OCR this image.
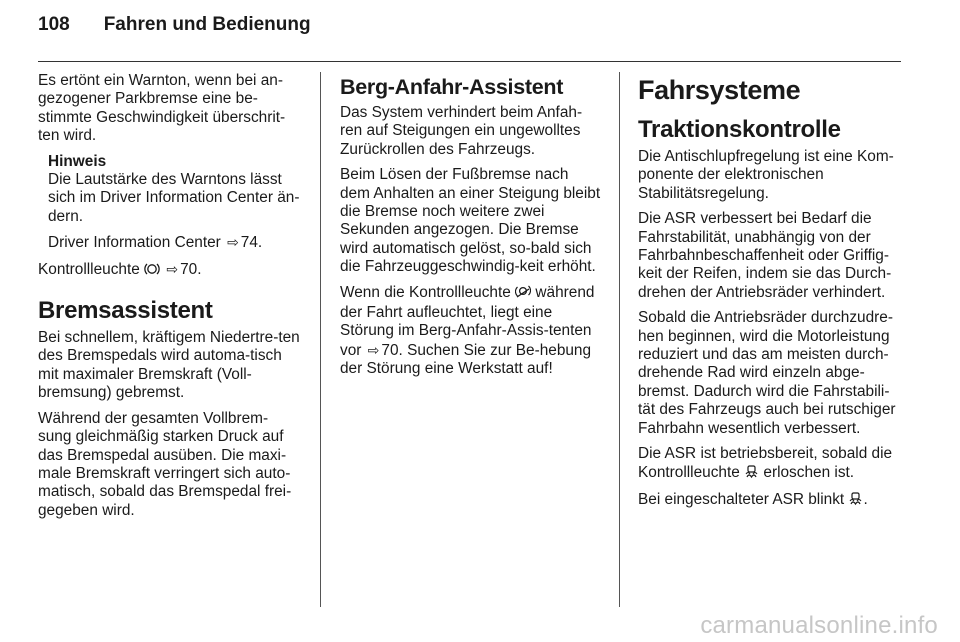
108 Fahren und Bedienung

Es ertönt ein Warnton, wenn bei an-gezogener Parkbremse eine be-stimmte Geschwindigkeit überschrit-ten wird.

Hinweis

Die Lautstärke des Warntons lässt sich im Driver Information Center än-dern.

Driver Information Center ⇨ 74.

Kontrollleuchte ⇨ 70.

Bremsassistent

Bei schnellem, kräftigem Niedertre-ten des Bremspedals wird automa-tisch mit maximaler Bremskraft (Voll-bremsung) gebremst.

Während der gesamten Vollbrem-sung gleichmäßig starken Druck auf das Bremspedal ausüben. Die maxi-male Bremskraft verringert sich auto-matisch, sobald das Bremspedal frei-gegeben wird.

Berg-Anfahr-Assistent

Das System verhindert beim Anfah-ren auf Steigungen ein ungewolltes Zurückrollen des Fahrzeugs.

Beim Lösen der Fußbremse nach dem Anhalten an einer Steigung bleibt die Bremse noch weitere zwei Sekunden angezogen. Die Bremse wird automatisch gelöst, so-bald sich die Fahrzeuggeschwindig-keit erhöht.

Wenn die Kontrollleuchte während der Fahrt aufleuchtet, liegt eine Störung im Berg-Anfahr-Assis-tenten vor ⇨ 70. Suchen Sie zur Be-hebung der Störung eine Werkstatt auf!

Fahrsysteme
Traktionskontrolle

Die Antischlupfregelung ist eine Kom-ponente der elektronischen Stabilitätsregelung.

Die ASR verbessert bei Bedarf die Fahrstabilität, unabhängig von der Fahrbahnbeschaffenheit oder Griffig-keit der Reifen, indem sie das Durch-drehen der Antriebsräder verhindert.

Sobald die Antriebsräder durchzudre-hen beginnen, wird die Motorleistung reduziert und das am meisten durch-drehende Rad wird einzeln abge-bremst. Dadurch wird die Fahrstabili-tät des Fahrzeugs auch bei rutschiger Fahrbahn wesentlich verbessert.

Die ASR ist betriebsbereit, sobald die Kontrollleuchte erloschen ist.

Bei eingeschalteter ASR blinkt .

carmanualsonline.info
